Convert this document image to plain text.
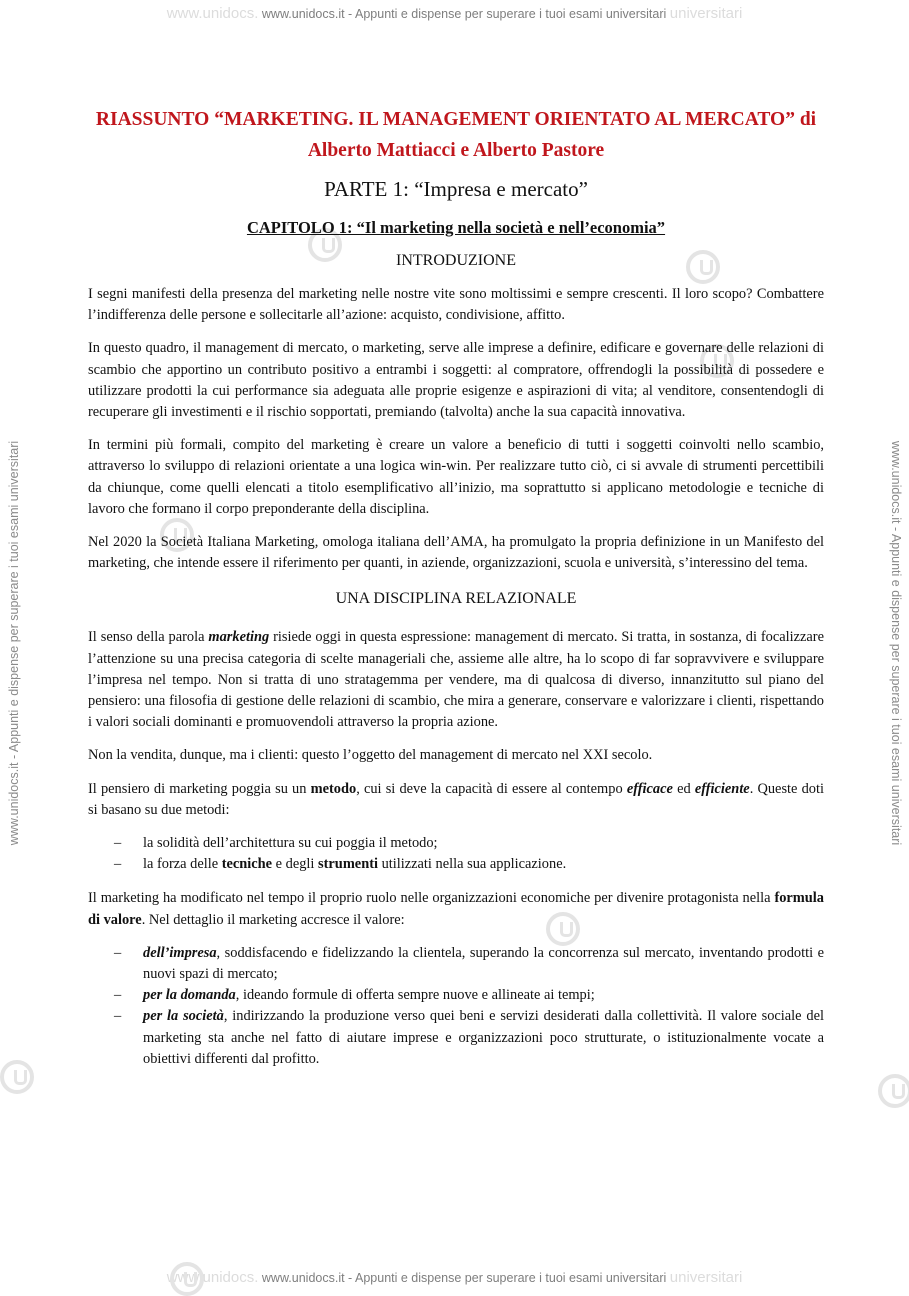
www.unidocs. www.unidocs.it - Appunti e dispense per superare i tuoi esami universitari universitari
www.unidocs. www.unidocs.it - Appunti e dispense per superare i tuoi esami universitari universitari
www.unidocs.it - Appunti e dispense per superare i tuoi esami universitari	www.unidocs.it - Appunti e dispense per superare i tuoi esami universitari
RIASSUNTO “MARKETING. IL MANAGEMENT ORIENTATO AL MERCATO” di Alberto Mattiacci e Alberto Pastore
PARTE 1: “Impresa e mercato”
CAPITOLO 1: “Il marketing nella società e nell’economia”
INTRODUZIONE

I segni manifesti della presenza del marketing nelle nostre vite sono moltissimi e sempre crescenti. Il loro scopo? Combattere l’indifferenza delle persone e sollecitarle all’azione: acquisto, condivisione, affitto.

In questo quadro, il management di mercato, o marketing, serve alle imprese a definire, edificare e governare delle relazioni di scambio che apportino un contributo positivo a entrambi i soggetti: al compratore, offrendogli la possibilità di possedere e utilizzare prodotti la cui performance sia adeguata alle proprie esigenze e aspirazioni di vita; al venditore, consentendogli di recuperare gli investimenti e il rischio sopportati, premiando (talvolta) anche la sua capacità innovativa.

In termini più formali, compito del marketing è creare un valore a beneficio di tutti i soggetti coinvolti nello scambio, attraverso lo sviluppo di relazioni orientate a una logica win-win. Per realizzare tutto ciò, ci si avvale di strumenti percettibili da chiunque, come quelli elencati a titolo esemplificativo all’inizio, ma soprattutto si applicano metodologie e tecniche di lavoro che formano il corpo preponderante della disciplina.

Nel 2020 la Società Italiana Marketing, omologa italiana dell’AMA, ha promulgato la propria definizione in un Manifesto del marketing, che intende essere il riferimento per quanti, in aziende, organizzazioni, scuola e università, s’interessino del tema.

UNA DISCIPLINA RELAZIONALE

Il senso della parola marketing risiede oggi in questa espressione: management di mercato. Si tratta, in sostanza, di focalizzare l’attenzione su una precisa categoria di scelte manageriali che, assieme alle altre, ha lo scopo di far sopravvivere e sviluppare l’impresa nel tempo. Non si tratta di uno stratagemma per vendere, ma di qualcosa di diverso, innanzitutto sul piano del pensiero: una filosofia di gestione delle relazioni di scambio, che mira a generare, conservare e valorizzare i clienti, rispettando i valori sociali dominanti e promuovendoli attraverso la propria azione.

Non la vendita, dunque, ma i clienti: questo l’oggetto del management di mercato nel XXI secolo.

Il pensiero di marketing poggia su un metodo, cui si deve la capacità di essere al contempo efficace ed efficiente. Queste doti si basano su due metodi:

– la solidità dell’architettura su cui poggia il metodo;
– la forza delle tecniche e degli strumenti utilizzati nella sua applicazione.

Il marketing ha modificato nel tempo il proprio ruolo nelle organizzazioni economiche per divenire protagonista nella formula di valore. Nel dettaglio il marketing accresce il valore:

– dell’impresa, soddisfacendo e fidelizzando la clientela, superando la concorrenza sul mercato, inventando prodotti e nuovi spazi di mercato;
– per la domanda, ideando formule di offerta sempre nuove e allineate ai tempi;
– per la società, indirizzando la produzione verso quei beni e servizi desiderati dalla collettività. Il valore sociale del marketing sta anche nel fatto di aiutare imprese e organizzazioni poco strutturate, o istituzionalmente vocate a obiettivi differenti dal profitto.
